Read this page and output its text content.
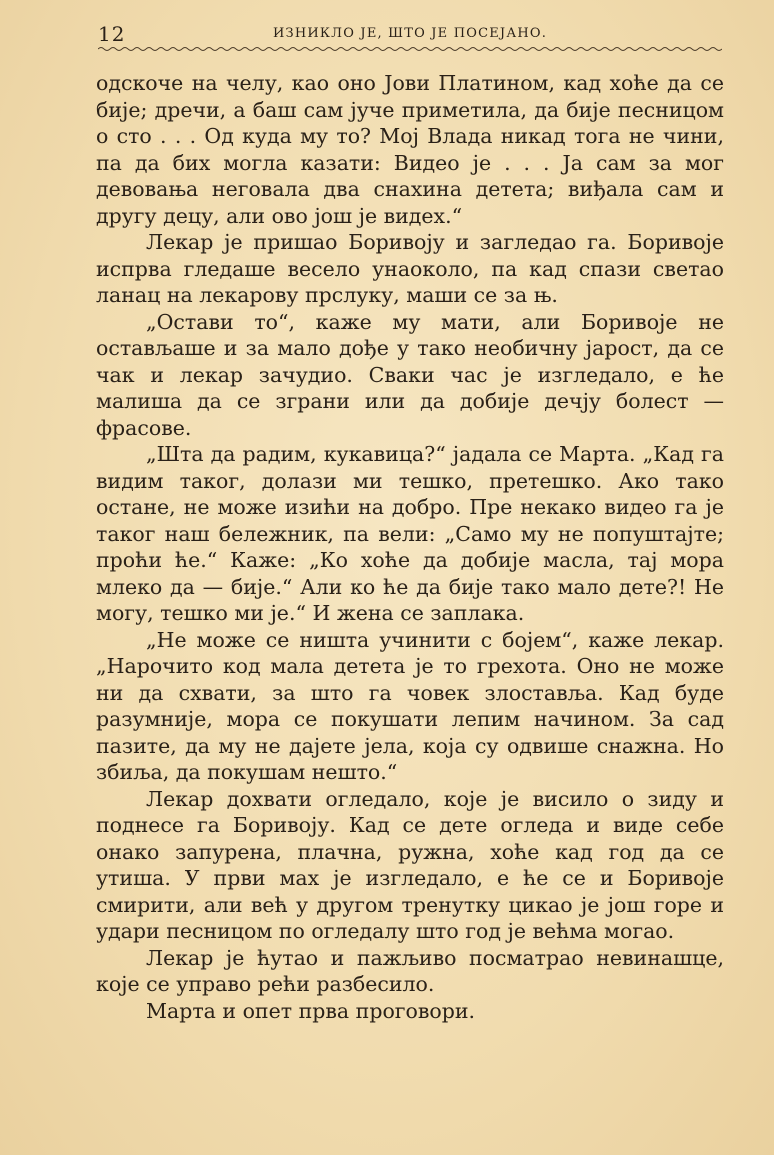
12	ИЗНИКЛО ЈЕ, ШТО ЈЕ ПОСЕЈАНО.

одскоче на челу, као оно Јови Платином, кад хоће да се бије; дречи, а баш сам јуче приметила, да бије песницом о сто . . . Од куда му то? Мој Влада никад тога не чини, па да бих могла казати: Видео је . . . Ја сам за мог девовања неговала два снахина детета; виђала сам и другу децу, али ово још је видех.“

Лекар је пришао Боривоју и загледао га. Боривоје испрва гледаше весело унаоколо, па кад спази светао ланац на лекарову прслуку, маши се за њ.

„Остави то“, каже му мати, али Боривоје не остављаше и за мало дође у тако необичну јарост, да се чак и лекар зачудио. Сваки час је изгледало, е ће малиша да се зграни или да добије дечју болест — фрасове.

„Шта да радим, кукавица?“ јадала се Марта. „Кад га видим таког, долази ми тешко, претешко. Ако тако остане, не може изићи на добро. Пре некако видео га је таког наш бележник, па вели: „Само му не попуштајте; проћи ће.“ Каже: „Ко хоће да добије масла, тај мора млеко да — бије.“ Али ко ће да бије тако мало дете?! Не могу, тешко ми је.“ И жена се заплака.

„Не може се ништа учинити с бојем“, каже лекар. „Нарочито код мала детета је то грехота. Оно не може ни да схвати, за што га човек злоставља. Кад буде разумније, мора се покушати лепим начином. За сад пазите, да му не дајете јела, која су одвише снажна. Но збиља, да покушам нешто.“

Лекар дохвати огледало, које је висило о зиду и поднесе га Боривоју. Кад се дете огледа и виде себе онако запурена, плачна, ружна, хоће кад год да се утиша. У први мах је изгледало, е ће се и Боривоје смирити, али већ у другом тренутку цикао је још горе и удари песницом по огледалу што год је већма могао.

Лекар је ћутао и пажљиво посматрао невинашце, које се управо рећи разбесило.

Марта и опет прва проговори.
